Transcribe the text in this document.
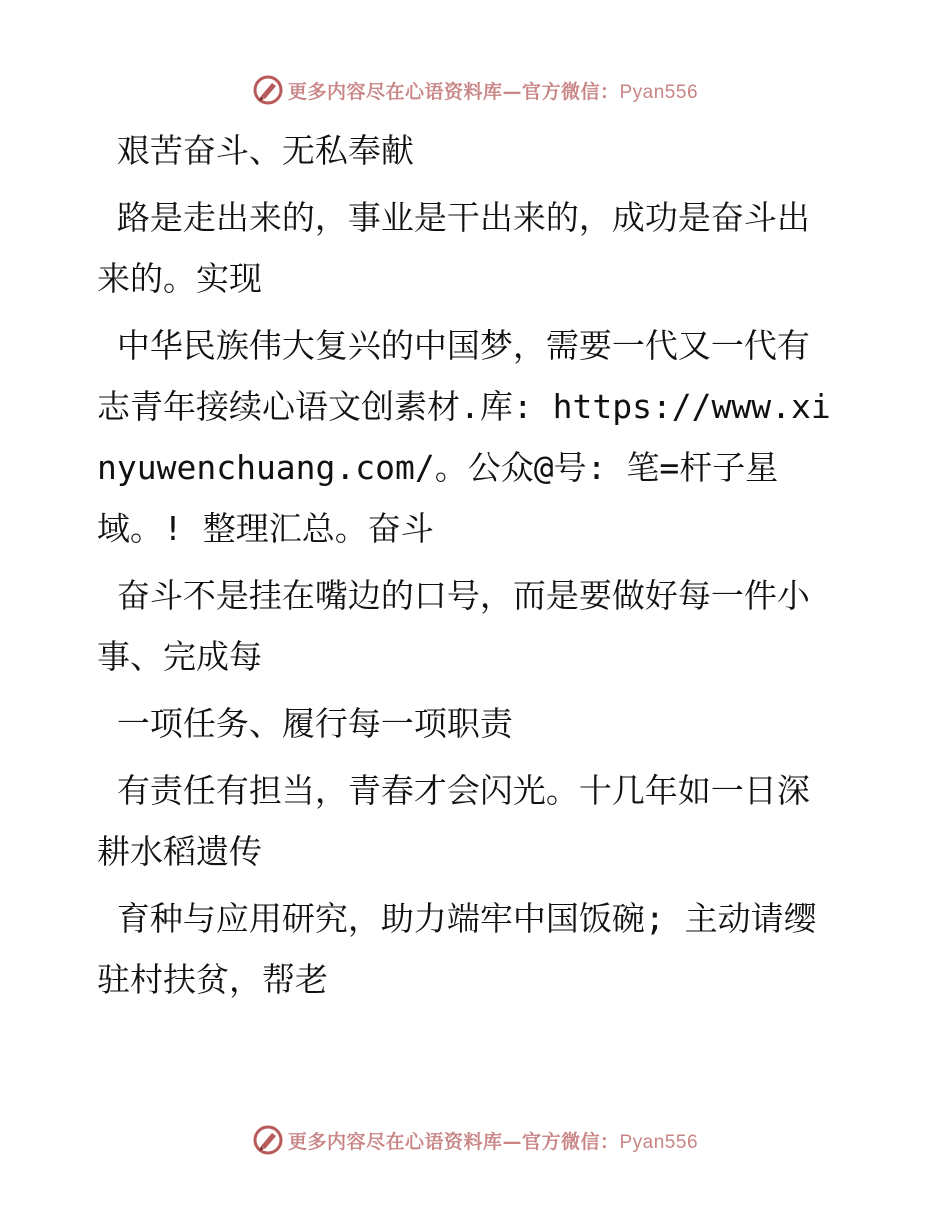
更多内容尽在心语资料库—官方微信：Pyan556

艰苦奋斗、无私奉献

路是走出来的，事业是干出来的，成功是奋斗出来的。实现

中华民族伟大复兴的中国梦，需要一代又一代有志青年接续心语文创素材.库: https://www.xinyuwenchuang.com/。公众@号: 笔=杆子星域。! 整理汇总。奋斗

奋斗不是挂在嘴边的口号，而是要做好每一件小事、完成每

一项任务、履行每一项职责

有责任有担当，青春才会闪光。十几年如一日深耕水稻遗传

育种与应用研究，助力端牢中国饭碗; 主动请缨驻村扶贫，帮老

更多内容尽在心语资料库—官方微信：Pyan556
